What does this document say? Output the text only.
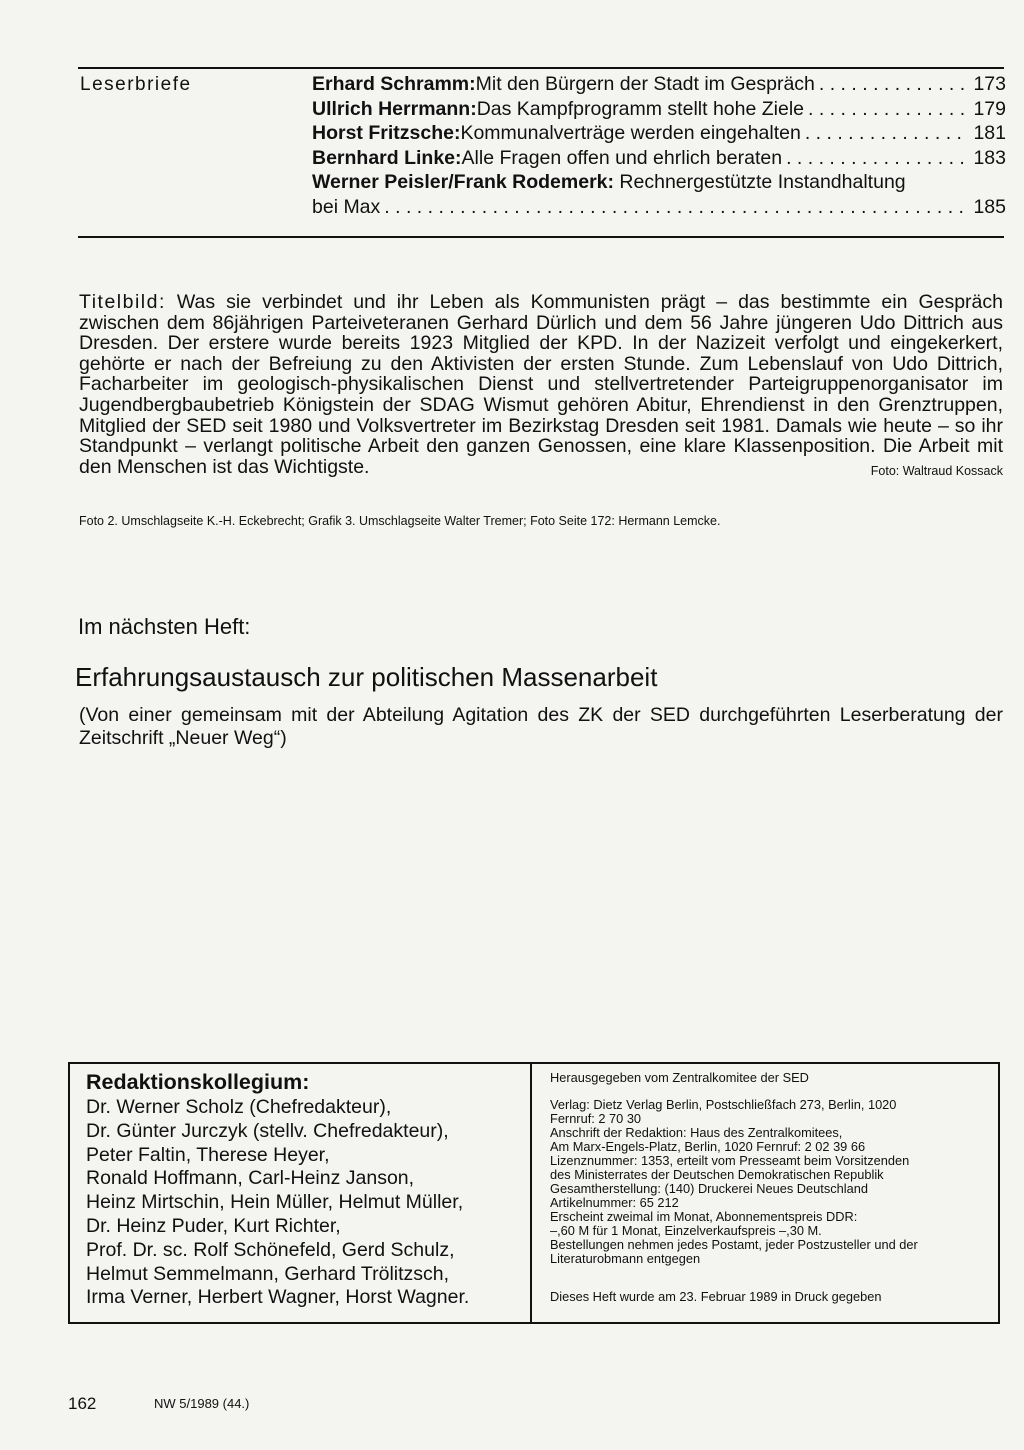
Leserbriefe	Erhard Schramm: Mit den Bürgern der Stadt im Gespräch . . .	173
Ullrich Herrmann: Das Kampfprogramm stellt hohe Ziele . . .	179
Horst Fritzsche: Kommunalverträge werden eingehalten . . .	181
Bernhard Linke: Alle Fragen offen und ehrlich beraten . . .	183
Werner Peisler/Frank Rodemerk: Rechnergestützte Instandhaltung
bei Max . . .	185
Titelbild: Was sie verbindet und ihr Leben als Kommunisten prägt – das bestimmte ein Gespräch zwischen dem 86jährigen Parteiveteranen Gerhard Dürlich und dem 56 Jahre jüngeren Udo Dittrich aus Dresden. Der erstere wurde bereits 1923 Mitglied der KPD. In der Nazizeit verfolgt und eingekerkert, gehörte er nach der Befreiung zu den Aktivisten der ersten Stunde. Zum Lebenslauf von Udo Dittrich, Facharbeiter im geologisch-physikalischen Dienst und stellvertretender Parteigruppenorganisator im Jugendbergbaubetrieb Königstein der SDAG Wismut gehören Abitur, Ehrendienst in den Grenztruppen, Mitglied der SED seit 1980 und Volksvertreter im Bezirkstag Dresden seit 1981. Damals wie heute – so ihr Standpunkt – verlangt politische Arbeit den ganzen Genossen, eine klare Klassenposition. Die Arbeit mit den Menschen ist das Wichtigste.	Foto: Waltraud Kossack
Foto 2. Umschlagseite K.-H. Eckebrecht; Grafik 3. Umschlagseite Walter Tremer; Foto Seite 172: Hermann Lemcke.
Im nächsten Heft:
Erfahrungsaustausch zur politischen Massenarbeit
(Von einer gemeinsam mit der Abteilung Agitation des ZK der SED durchgeführten Leserberatung der Zeitschrift „Neuer Weg“)
Redaktionskollegium:
Dr. Werner Scholz (Chefredakteur),
Dr. Günter Jurczyk (stellv. Chefredakteur),
Peter Faltin, Therese Heyer,
Ronald Hoffmann, Carl-Heinz Janson,
Heinz Mirtschin, Hein Müller, Helmut Müller,
Dr. Heinz Puder, Kurt Richter,
Prof. Dr. sc. Rolf Schönefeld, Gerd Schulz,
Helmut Semmelmann, Gerhard Trölitzsch,
Irma Verner, Herbert Wagner, Horst Wagner.

Herausgegeben vom Zentralkomitee der SED

Verlag: Dietz Verlag Berlin, Postschließfach 273, Berlin, 1020

Fernruf: 2 70 30

Anschrift der Redaktion: Haus des Zentralkomitees,

Am Marx-Engels-Platz, Berlin, 1020 Fernruf: 2 02 39 66

Lizenznummer: 1353, erteilt vom Presseamt beim Vorsitzenden

des Ministerrates der Deutschen Demokratischen Republik

Gesamtherstellung: (140) Druckerei Neues Deutschland

Artikelnummer: 65 212

Erscheint zweimal im Monat, Abonnementspreis DDR:

–,60 M für 1 Monat, Einzelverkaufspreis –,30 M.

Bestellungen nehmen jedes Postamt, jeder Postzusteller und der

Literaturobmann entgegen

Dieses Heft wurde am 23. Februar 1989 in Druck gegeben

162	NW 5/1989 (44.)
